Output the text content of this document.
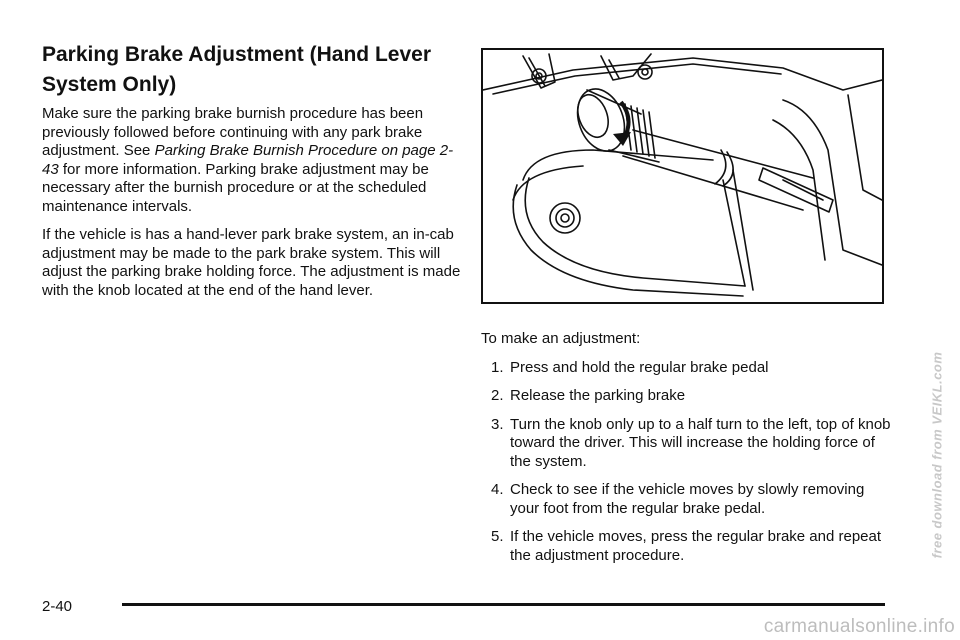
Parking Brake Adjustment (Hand Lever System Only)

Make sure the parking brake burnish procedure has been previously followed before continuing with any park brake adjustment. See Parking Brake Burnish Procedure on page 2-43 for more information. Parking brake adjustment may be necessary after the burnish procedure or at the scheduled maintenance intervals.

If the vehicle is has a hand-lever park brake system, an in-cab adjustment may be made to the park brake system. This will adjust the parking brake holding force. The adjustment is made with the knob located at the end of the hand lever.

To make an adjustment:

1. Press and hold the regular brake pedal
2. Release the parking brake
3. Turn the knob only up to a half turn to the left, top of knob toward the driver. This will increase the holding force of the system.
4. Check to see if the vehicle moves by slowly removing your foot from the regular brake pedal.
5. If the vehicle moves, press the regular brake and repeat the adjustment procedure.
2-40
free download from VEIKL.com
carmanualsonline.info
